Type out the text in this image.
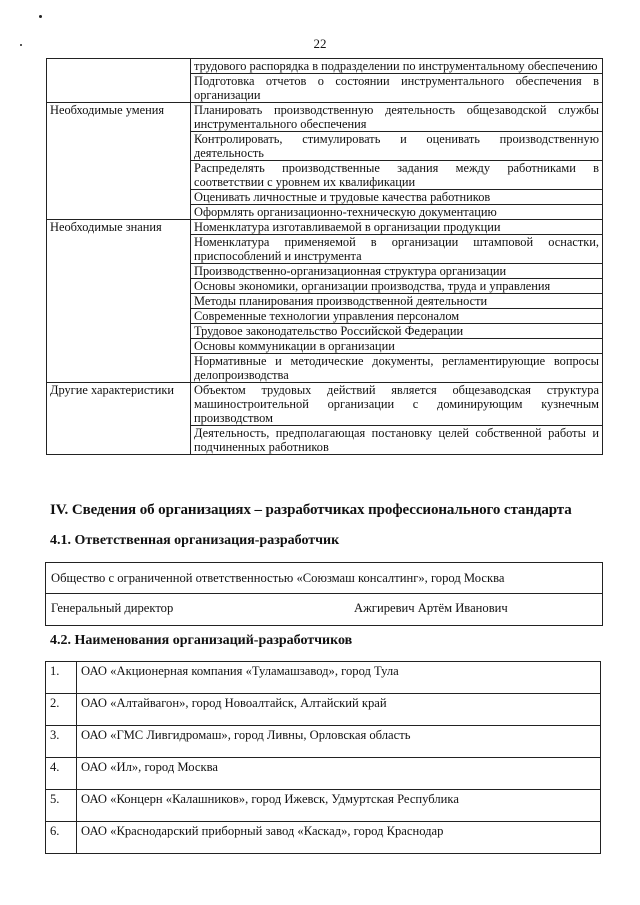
22
	трудового распорядка в подразделении по инструментальному обеспечению
	Подготовка отчетов о состоянии инструментального обеспечения в организации
Необходимые умения	Планировать производственную деятельность общезаводской службы инструментального обеспечения
	Контролировать, стимулировать и оценивать производственную деятельность
	Распределять производственные задания между работниками в соответствии с уровнем их квалификации
	Оценивать личностные и трудовые качества работников
	Оформлять организационно-техническую документацию
Необходимые знания	Номенклатура изготавливаемой в организации продукции
	Номенклатура применяемой в организации штамповой оснастки, приспособлений и инструмента
	Производственно-организационная структура организации
	Основы экономики, организации производства, труда и управления
	Методы планирования производственной деятельности
	Современные технологии управления персоналом
	Трудовое законодательство Российской Федерации
	Основы коммуникации в организации
	Нормативные и методические документы, регламентирующие вопросы делопроизводства
Другие характеристики	Объектом трудовых действий является общезаводская структура машиностроительной организации с доминирующим кузнечным производством
	Деятельность, предполагающая постановку целей собственной работы и подчиненных работников
IV. Сведения об организациях – разработчиках профессионального стандарта
4.1. Ответственная организация-разработчик
Общество с ограниченной ответственностью «Союзмаш консалтинг», город Москва
Генеральный директор	Ажгиревич Артём Иванович
4.2. Наименования организаций-разработчиков
1.	ОАО «Акционерная компания «Туламашзавод», город Тула
2.	ОАО «Алтайвагон», город Новоалтайск, Алтайский край
3.	ОАО «ГМС Ливгидромаш», город Ливны, Орловская область
4.	ОАО «Ил», город Москва
5.	ОАО «Концерн «Калашников», город Ижевск, Удмуртская Республика
6.	ОАО «Краснодарский приборный завод «Каскад», город Краснодар
